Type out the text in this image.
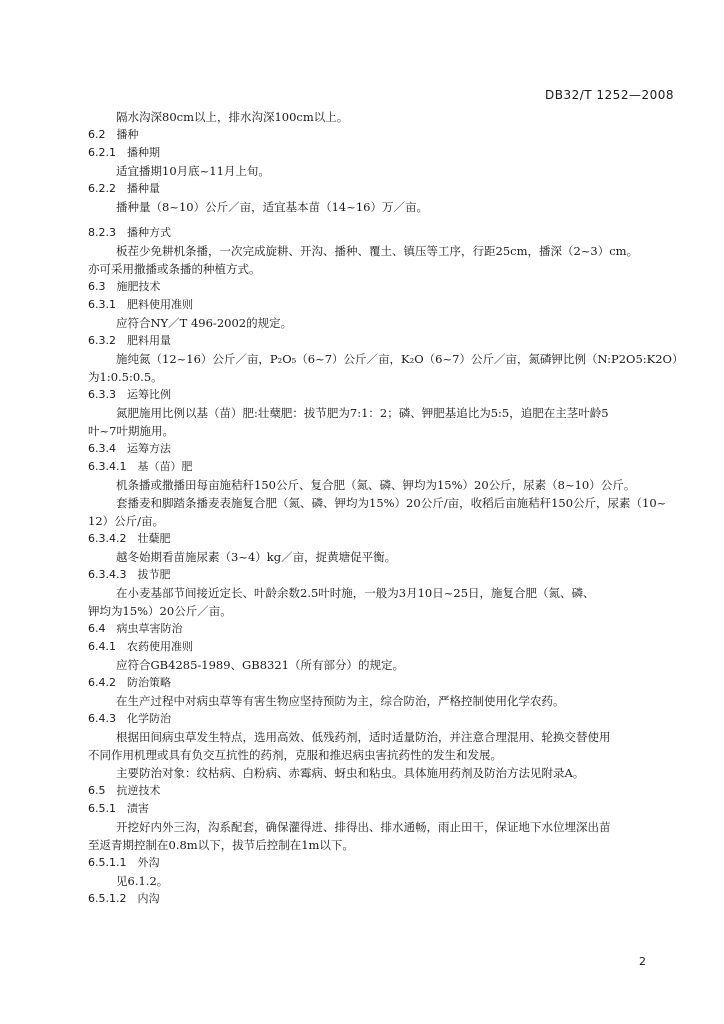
DB32/T 1252—2008
隔水沟深80cm以上，排水沟深100cm以上。
6.2　播种
6.2.1　播种期
适宜播期10月底~11月上旬。
6.2.2　播种量
播种量（8~10）公斤／亩，适宜基本苗（14~16）万／亩。
8.2.3　播种方式
板茬少免耕机条播，一次完成旋耕、开沟、播种、覆土、镇压等工序，行距25cm，播深（2~3）cm。
亦可采用撒播或条播的种植方式。
6.3　施肥技术
6.3.1　肥料使用准则
应符合NY／T 496-2002的规定。
6.3.2　肥料用量
施纯氮（12~16）公斤／亩，P₂O₅（6~7）公斤／亩，K₂O（6~7）公斤／亩，氮磷钾比例（N:P2O5:K2O）
为1:0.5:0.5。
6.3.3　运筹比例
氮肥施用比例以基（苗）肥:壮蘖肥：拔节肥为7:1：2；磷、钾肥基追比为5:5，追肥在主茎叶龄5
叶~7叶期施用。
6.3.4　运筹方法
6.3.4.1　基（苗）肥
机条播或撒播田每亩施秸秆150公斤、复合肥（氮、磷、钾均为15%）20公斤，尿素（8~10）公斤。
套播麦和脚踏条播麦表施复合肥（氮、磷、钾均为15%）20公斤/亩，收稻后亩施秸秆150公斤，尿素（10~
12）公斤/亩。
6.3.4.2　壮蘖肥
越冬始期看苗施尿素（3~4）kg／亩，捉黄塘促平衡。
6.3.4.3　拔节肥
在小麦基部节间接近定长、叶龄余数2.5叶时施，一般为3月10日~25日，施复合肥（氮、磷、
钾均为15%）20公斤／亩。
6.4　病虫草害防治
6.4.1　农药使用准则
应符合GB4285-1989、GB8321（所有部分）的规定。
6.4.2　防治策略
在生产过程中对病虫草等有害生物应坚持预防为主，综合防治，严格控制使用化学农药。
6.4.3　化学防治
根据田间病虫草发生特点，选用高效、低残药剂，适时适量防治，并注意合理混用、轮换交替使用
不同作用机理或具有负交互抗性的药剂，克服和推迟病虫害抗药性的发生和发展。
主要防治对象：纹枯病、白粉病、赤霉病、蚜虫和粘虫。具体施用药剂及防治方法见附录A。
6.5　抗逆技术
6.5.1　渍害
开挖好内外三沟，沟系配套，确保灌得进、排得出、排水通畅，雨止田干，保证地下水位埋深出苗
至返青期控制在0.8m以下，拔节后控制在1m以下。
6.5.1.1　外沟
见6.1.2。
6.5.1.2　内沟
2
